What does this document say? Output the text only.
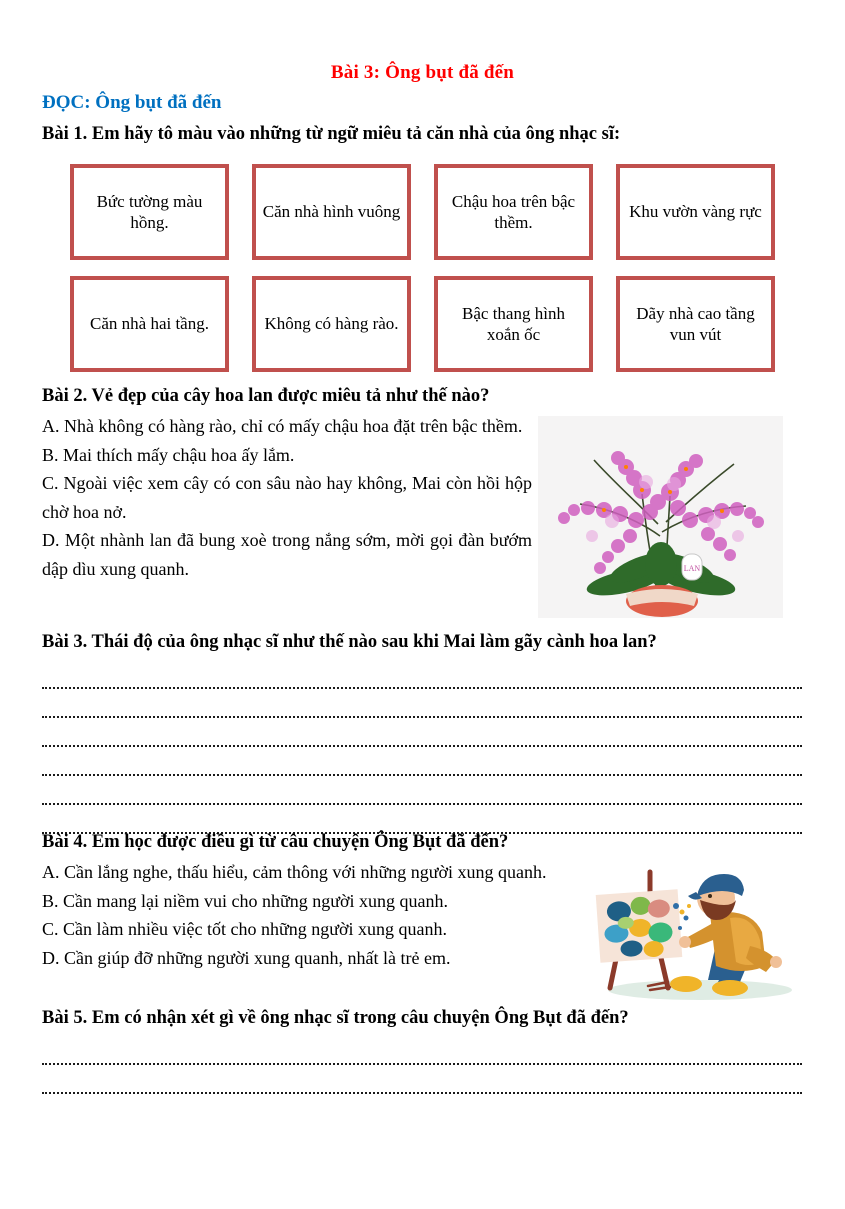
Bài 3: Ông bụt đã đến
ĐỌC: Ông bụt đã đến
Bài 1. Em hãy tô màu vào những từ ngữ miêu tả căn nhà của ông nhạc sĩ:
Bức tường màu hồng.
Căn nhà hình vuông
Chậu hoa trên bậc thềm.
Khu vườn vàng rực
Căn nhà hai tầng.	Không có hàng rào.
Bậc thang hình xoắn ốc
Dãy nhà cao tầng vun vút
Bài 2. Vẻ đẹp của cây hoa lan được miêu tả như thế nào?

A. Nhà không có hàng rào, chỉ có mấy chậu hoa đặt trên bậc thềm.

B. Mai thích mấy chậu hoa ấy lắm.

C. Ngoài việc xem cây có con sâu nào hay không, Mai còn hồi hộp chờ hoa nở.

D. Một nhành lan đã bung xoè trong nắng sớm, mời gọi đàn bướm dập dìu xung quanh.	LAN
Bài 3. Thái độ của ông nhạc sĩ như thế nào sau khi Mai làm gãy cành hoa lan?
Bài 4. Em học được điều gì từ câu chuyện Ông Bụt đã đến?

A. Cần lắng nghe, thấu hiểu, cảm thông với những người xung quanh.

B. Cần mang lại niềm vui cho những người xung quanh.

C. Cần làm nhiều việc tốt cho những người xung quanh.

D. Cần giúp đỡ những người xung quanh, nhất là trẻ em.

Bài 5. Em có nhận xét gì về ông nhạc sĩ trong câu chuyện Ông Bụt đã đến?
